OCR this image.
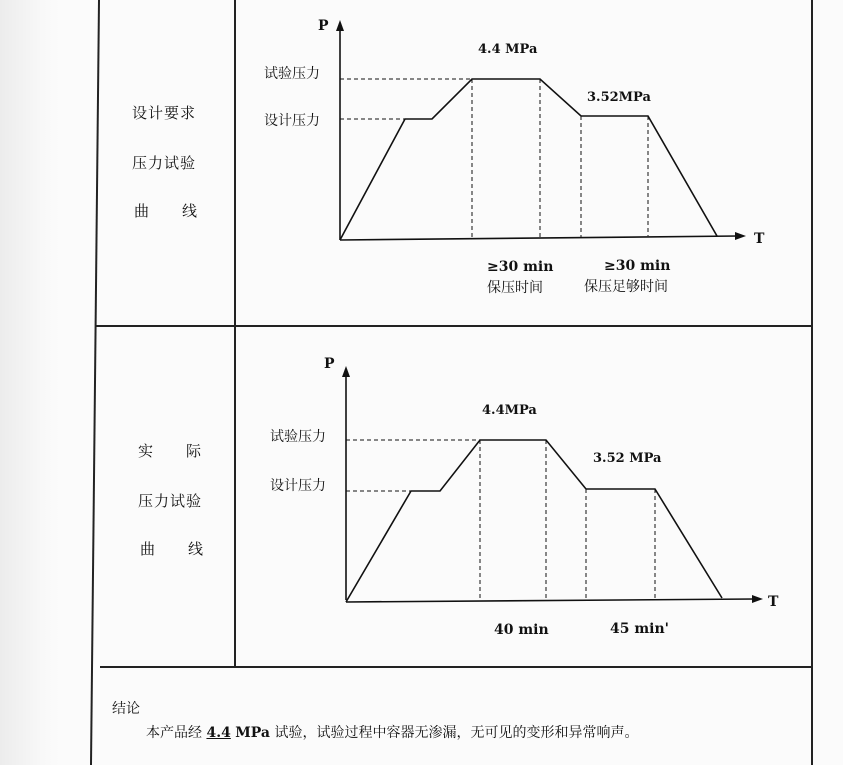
设计要求
压力试验
曲　　线
P
T
试验压力
设计压力
4.4 MPa
3.52MPa
≥30 min
保压时间
≥30 min
保压足够时间
实　　际
压力试验
曲　　线
P
T
试验压力
设计压力
4.4MPa
3.52 MPa
40 min	45 min'
结论
本产品经 4.4 MPa 试验，试验过程中容器无渗漏，无可见的变形和异常响声。
